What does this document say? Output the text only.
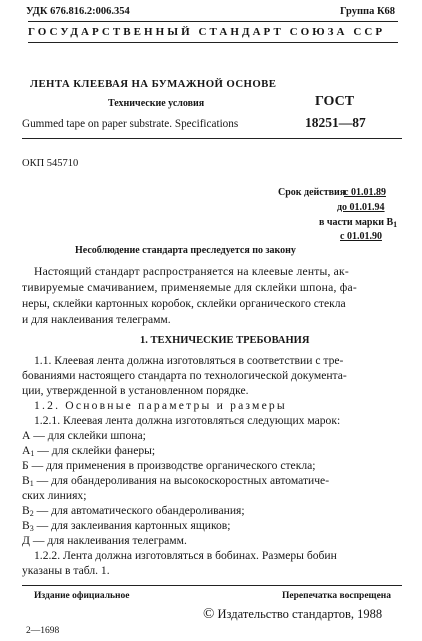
УДК 676.816.2:006.354	Группа К68
ГОСУДАРСТВЕННЫЙ СТАНДАРТ СОЮЗА ССР
ЛЕНТА КЛЕЕВАЯ НА БУМАЖНОЙ ОСНОВЕ
Технические условия
Gummed tape on paper substrate. Specifications
ГОСТ
18251—87
ОКП 545710
Срок действия
с 01.01.89
до 01.01.94
в части марки $В_1$
с 01.01.90
Несоблюдение стандарта преследуется по закону
Настоящий стандарт распространяется на клеевые ленты, ак-
тивируемые смачиванием, применяемые для склейки шпона, фа-
неры, склейки картонных коробок, склейки органического стекла
и для наклеивания телеграмм.
1. ТЕХНИЧЕСКИЕ ТРЕБОВАНИЯ
1.1. Клеевая лента должна изготовляться в соответствии с тре-
бованиями настоящего стандарта по технологической документа-
ции, утвержденной в установленном порядке.
1.2. Основные параметры и размеры
1.2.1. Клеевая лента должна изготовляться следующих марок:
А — для склейки шпона;
$А_1$ — для склейки фанеры;
Б — для применения в производстве органического стекла;
$В_1$ — для обандероливания на высокоскоростных автоматиче-
ских линиях;
$В_2$ — для автоматического обандероливания;
$В_3$ — для заклеивания картонных ящиков;
Д — для наклеивания телеграмм.
1.2.2. Лента должна изготовляться в бобинах. Размеры бобин
указаны в табл. 1.
Издание официальное	Перепечатка воспрещена
© Издательство стандартов, 1988
2—1698
